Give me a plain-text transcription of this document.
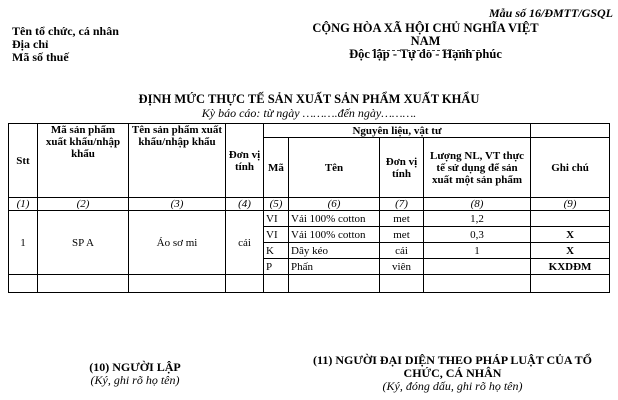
Mẫu số 16/ĐMTT/GSQL
Tên tổ chức, cá nhân
Địa chỉ
Mã số thuế
CỘNG HÒA XÃ HỘI CHỦ NGHĨA VIỆT NAM
Độc lập - Tự do - Hạnh phúc
ĐỊNH MỨC THỰC TẾ SẢN XUẤT SẢN PHẨM XUẤT KHẨU
Kỳ báo cáo: từ ngày ……….đến ngày……….
Stt	Mã sản phẩm xuất khẩu/nhập khẩu	Tên sản phẩm xuất khẩu/nhập khẩu	Đơn vị tính	Nguyên liệu, vật tư				
				Mã	Tên	Đơn vị tính	Lượng NL, VT thực tế sử dụng để sản xuất một sản phẩm	Ghi chú
(1)	(2)	(3)	(4)	(5)	(6)	(7)	(8)	(9)
1	SP A	Áo sơ mi	cái	VI	Vải 100% cotton	met	1,2	
				VI	Vải 100% cotton	met	0,3	X
				K	Dây kéo	cái	1	X
				P	Phấn	viên		KXDĐM

(10) NGƯỜI LẬP
(Ký, ghi rõ họ tên)
(11) NGƯỜI ĐẠI DIỆN THEO PHÁP LUẬT CỦA TỔ
CHỨC, CÁ NHÂN
(Ký, đóng dấu, ghi rõ họ tên)
